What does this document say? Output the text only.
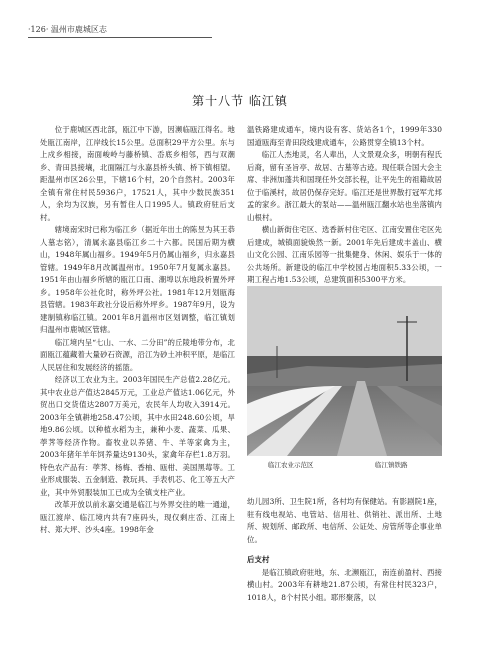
·126· 温州市鹿城区志
第十八节 临江镇

位于鹿城区西北部，瓯江中下游，因濒临瓯江得名。地处瓯江南岸，江岸线长15公里。总面积29平方公里。东与上戍乡相接，南面峻岭与藤桥镇、岙底乡相邻，西与双潮乡、青田县接壤，北面隔江与永嘉县桥头镇、桥下镇相望。距温州市区26公里，下辖16个村，20个自然村。2003年全镇有常住村民5936户，17521人，其中少数民族351人，余均为汉族，另有暂住人口1995人。镇政府驻后支村。

辖境南宋时已称为临江乡（据近年出土的陈昱为其王恭人墓志铭），清属永嘉县临江乡二十六都。民国后期为横山，1948年属山福乡。1949年5月仍属山福乡，归永嘉县管辖。1949年8月改属温州市。1950年7月复属永嘉县。1951年由山福乡所辖的瓯江口南、潮埠以东地段析置外坪乡。1958年公社化时，称外坪公社。1981年12月划瓯海县管辖。1983年政社分设后称外坪乡。1987年9月，设为建制镇称临江镇。2001年8月温州市区划调整，临江镇划归温州市鹿城区管辖。

临江境内呈“七山、一水、二分田”的丘陵地带分布，北面瓯江蕴藏着大量砂石资源，沿江为砂土冲积平原，是临江人民居住和发展经济的摇篮。

经济以工农业为主。2003年国民生产总值2.28亿元。其中农业总产值达2845万元，工业总产值达1.06亿元，外贸出口交货值达2807万美元，农民年人均收入3914元。2003年全镇耕地258.47公顷，其中水田248.60公顷，旱地9.86公顷。以种植水稻为主，兼种小麦、蔬菜、瓜果、荸荠等经济作物。畜牧业以养猪、牛、羊等家禽为主，2003年猪年羊年饲养量达9130头，家禽年存栏1.8万羽。特色农产品有：荸荠、杨梅、香柚、瓯柑、美国黑莓等。工业形成服装、五金制造、教玩具、手表机芯、化工等五大产业，其中外贸服装加工已成为全镇支柱产业。

改革开放以前永嘉交通是临江与外界交往的唯一通道，瓯江渡岸、临江境内共有7座码头，现仅剩庄岙、江南上村、郑大坪、沙头4座。1998年金

温铁路建成通车，境内设有客、货站各1个，1999年330国道瓯海至青田段线建成通车，公路贯穿全镇13个村。

临江人杰地灵，名人辈出，人文景观众多，明朝有程氏后裔，留有圣旨亭、故居、古墓等古迹。现任联合国大会主席、非洲加蓬共和国现任外交部长程，让平先生的祖籍故居位于临溪村，故居仍保存完好。临江还是世界散打冠军尤邦孟的家乡。浙江最大的泵站——温州瓯江翻水站也坐落镇内山根村。

横山新街住宅区、选香新村住宅区、江南安置住宅区先后建成，城镇面貌焕然一新。2001年先后建成丰盖山、横山文化公园、江南乐园等一批集健身、休闲、娱乐于一体的公共场所。新建设的临江中学校园占地面积5.33公顷，一期工程占地1.53公顷，总建筑面积5300平方米。

临江农业示范区	临江镇铁路

幼儿园3所、卫生院1所，各村均有保健站。有影剧院1座，驻有线电视站、电管站、信用社、供销社、派出所、土地所、规划所、邮政所、电信所、公证处、房管所等企事业单位。

后支村

是临江镇政府驻地，东、北濒瓯江，南连前盈村、西接横山村。2003年有耕地21.87公顷，有常住村民323户，1018人，8个村民小组。耶形聚落，以
